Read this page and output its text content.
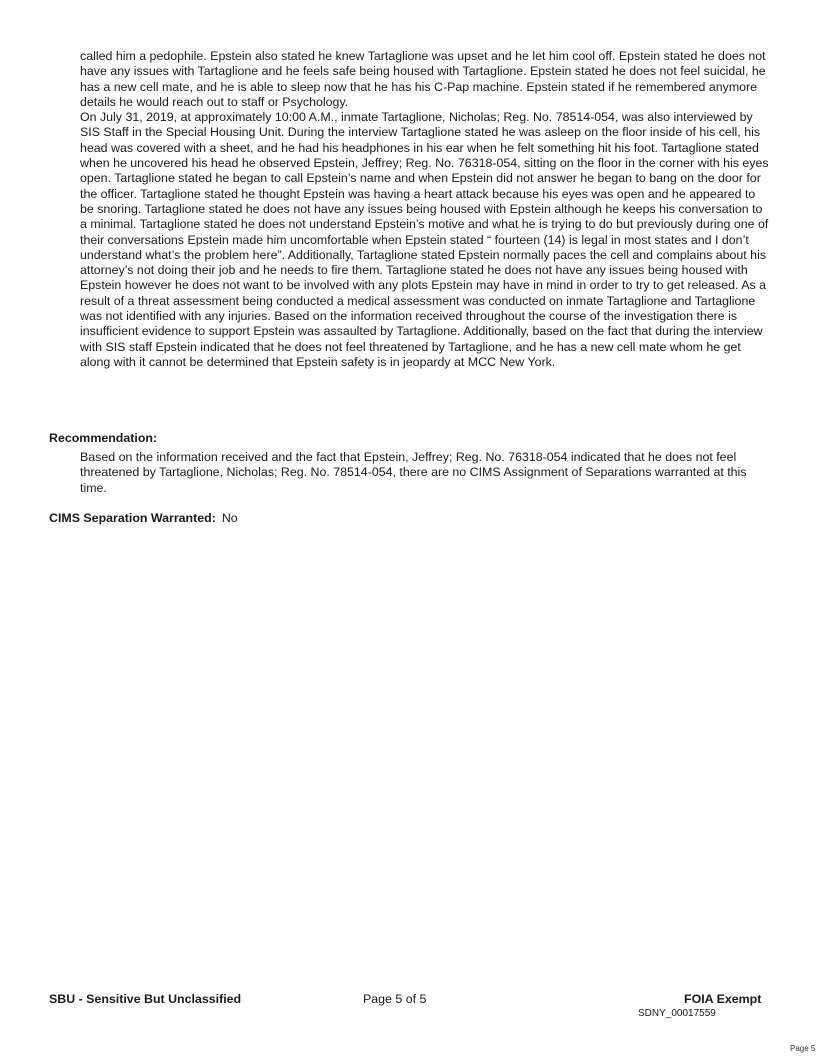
called him a pedophile. Epstein also stated he knew Tartaglione was upset and he let him cool off. Epstein stated he does not have any issues with Tartaglione and he feels safe being housed with Tartaglione. Epstein stated he does not feel suicidal, he has a new cell mate, and he is able to sleep now that he has his C-Pap machine. Epstein stated if he remembered anymore details he would reach out to staff or Psychology.

On July 31, 2019, at approximately 10:00 A.M., inmate Tartaglione, Nicholas; Reg. No. 78514-054, was also interviewed by SIS Staff in the Special Housing Unit. During the interview Tartaglione stated he was asleep on the floor inside of his cell, his head was covered with a sheet, and he had his headphones in his ear when he felt something hit his foot. Tartaglione stated when he uncovered his head he observed Epstein, Jeffrey; Reg. No. 76318-054, sitting on the floor in the corner with his eyes open. Tartaglione stated he began to call Epstein’s name and when Epstein did not answer he began to bang on the door for the officer. Tartaglione stated he thought Epstein was having a heart attack because his eyes was open and he appeared to be snoring. Tartaglione stated he does not have any issues being housed with Epstein although he keeps his conversation to a minimal. Tartaglione stated he does not understand Epstein’s motive and what he is trying to do but previously during one of their conversations Epstein made him uncomfortable when Epstein stated “ fourteen (14) is legal in most states and I don’t understand what’s the problem here”. Additionally, Tartaglione stated Epstein normally paces the cell and complains about his attorney’s not doing their job and he needs to fire them. Tartaglione stated he does not have any issues being housed with Epstein however he does not want to be involved with any plots Epstein may have in mind in order to try to get released. As a result of a threat assessment being conducted a medical assessment was conducted on inmate Tartaglione and Tartaglione was not identified with any injuries. Based on the information received throughout the course of the investigation there is insufficient evidence to support Epstein was assaulted by Tartaglione. Additionally, based on the fact that during the interview with SIS staff Epstein indicated that he does not feel threatened by Tartaglione, and he has a new cell mate whom he get along with it cannot be determined that Epstein safety is in jeopardy at MCC New York.

Recommendation:

Based on the information received and the fact that Epstein, Jeffrey; Reg. No. 76318-054 indicated that he does not feel threatened by Tartaglione, Nicholas; Reg. No. 78514-054, there are no CIMS Assignment of Separations warranted at this time.

CIMS Separation Warranted: No
SBU - Sensitive But Unclassified	Page 5 of 5	FOIA Exempt
SDNY_00017559
Page 5
